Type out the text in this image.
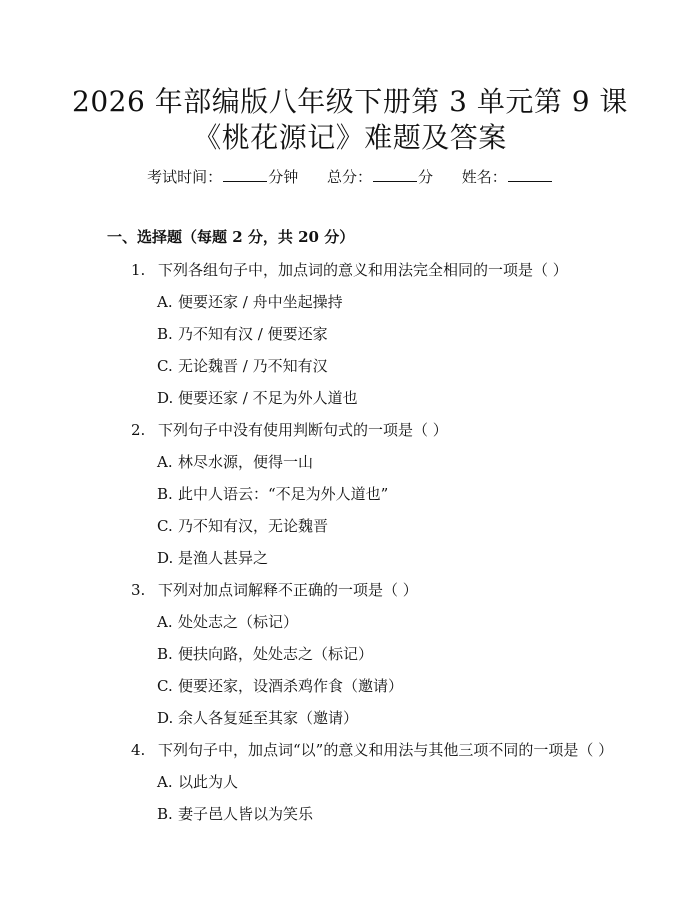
2026 年部编版八年级下册第 3 单元第 9 课
《桃花源记》难题及答案
考试时间：	分钟 总分：	分 姓名：
一、选择题（每题 2 分，共 20 分）
1. 下列各组句子中，加点词的意义和用法完全相同的一项是（ ）
A. 便要还家 / 舟中坐起操持
B. 乃不知有汉 / 便要还家
C. 无论魏晋 / 乃不知有汉
D. 便要还家 / 不足为外人道也
2. 下列句子中没有使用判断句式的一项是（ ）
A. 林尽水源，便得一山
B. 此中人语云：“不足为外人道也”
C. 乃不知有汉，无论魏晋
D. 是渔人甚异之
3. 下列对加点词解释不正确的一项是（ ）
A. 处处志之（标记）
B. 便扶向路，处处志之（标记）
C. 便要还家，设酒杀鸡作食（邀请）
D. 余人各复延至其家（邀请）
4. 下列句子中，加点词“以”的意义和用法与其他三项不同的一项是（ ）
A. 以此为人
B. 妻子邑人皆以为笑乐
